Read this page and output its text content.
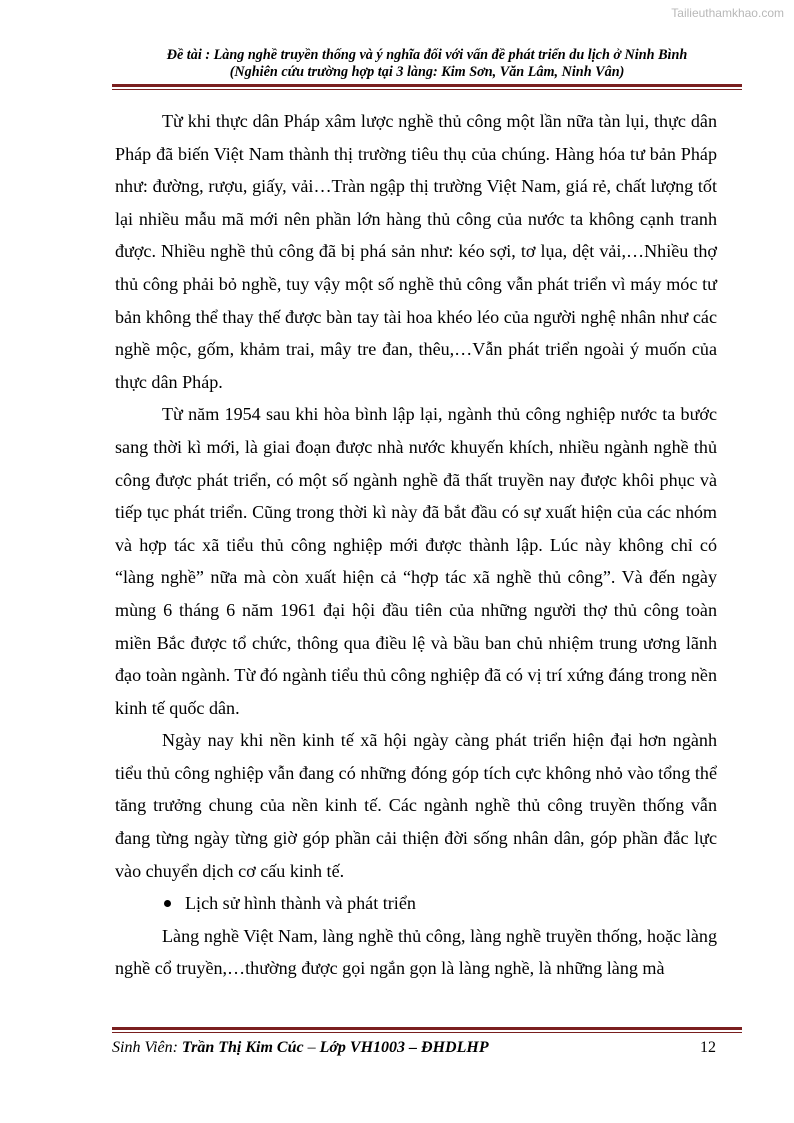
Tailieuthamkhao.com
Đề tài : Làng nghề truyền thống và ý nghĩa đối với vấn đề phát triển du lịch ở Ninh Bình
(Nghiên cứu trường hợp tại 3 làng: Kim Sơn, Văn Lâm, Ninh Vân)

Từ khi thực dân Pháp xâm lược nghề thủ công một lần nữa tàn lụi, thực dân Pháp đã biến Việt Nam thành thị trường tiêu thụ của chúng. Hàng hóa tư bản Pháp như: đường, rượu, giấy, vải…Tràn ngập thị trường Việt Nam, giá rẻ, chất lượng tốt lại nhiều mẫu mã mới nên phần lớn hàng thủ công của nước ta không cạnh tranh được. Nhiều nghề thủ công đã bị phá sản như: kéo sợi, tơ lụa, dệt vải,…Nhiều thợ thủ công phải bỏ nghề, tuy vậy một số nghề thủ công vẫn phát triển vì máy móc tư bản không thể thay thế được bàn tay tài hoa khéo léo của người nghệ nhân như các nghề mộc, gốm, khảm trai, mây tre đan, thêu,…Vẫn phát triển ngoài ý muốn của thực dân Pháp.

Từ năm 1954 sau khi hòa bình lập lại, ngành thủ công nghiệp nước ta bước sang thời kì mới, là giai đoạn được nhà nước khuyến khích, nhiều ngành nghề thủ công được phát triển, có một số ngành nghề đã thất truyền nay được khôi phục và tiếp tục phát triển. Cũng trong thời kì này đã bắt đầu có sự xuất hiện của các nhóm và hợp tác xã tiểu thủ công nghiệp mới được thành lập. Lúc này không chỉ có “làng nghề” nữa mà còn xuất hiện cả “hợp tác xã nghề thủ công”. Và đến ngày mùng 6 tháng 6 năm 1961 đại hội đầu tiên của những người thợ thủ công toàn miền Bắc được tổ chức, thông qua điều lệ và bầu ban chủ nhiệm trung ương lãnh đạo toàn ngành. Từ đó ngành tiểu thủ công nghiệp đã có vị trí xứng đáng trong nền kinh tế quốc dân.

Ngày nay khi nền kinh tế xã hội ngày càng phát triển hiện đại hơn ngành tiểu thủ công nghiệp vẫn đang có những đóng góp tích cực không nhỏ vào tổng thể tăng trưởng chung của nền kinh tế. Các ngành nghề thủ công truyền thống vẫn đang từng ngày từng giờ góp phần cải thiện đời sống nhân dân, góp phần đắc lực vào chuyển dịch cơ cấu kinh tế.

Lịch sử hình thành và phát triển

Làng nghề Việt Nam, làng nghề thủ công, làng nghề truyền thống, hoặc làng nghề cổ truyền,…thường được gọi ngắn gọn là làng nghề, là những làng mà

Sinh Viên: Trần Thị Kim Cúc – Lớp VH1003 – ĐHDLHP	12
